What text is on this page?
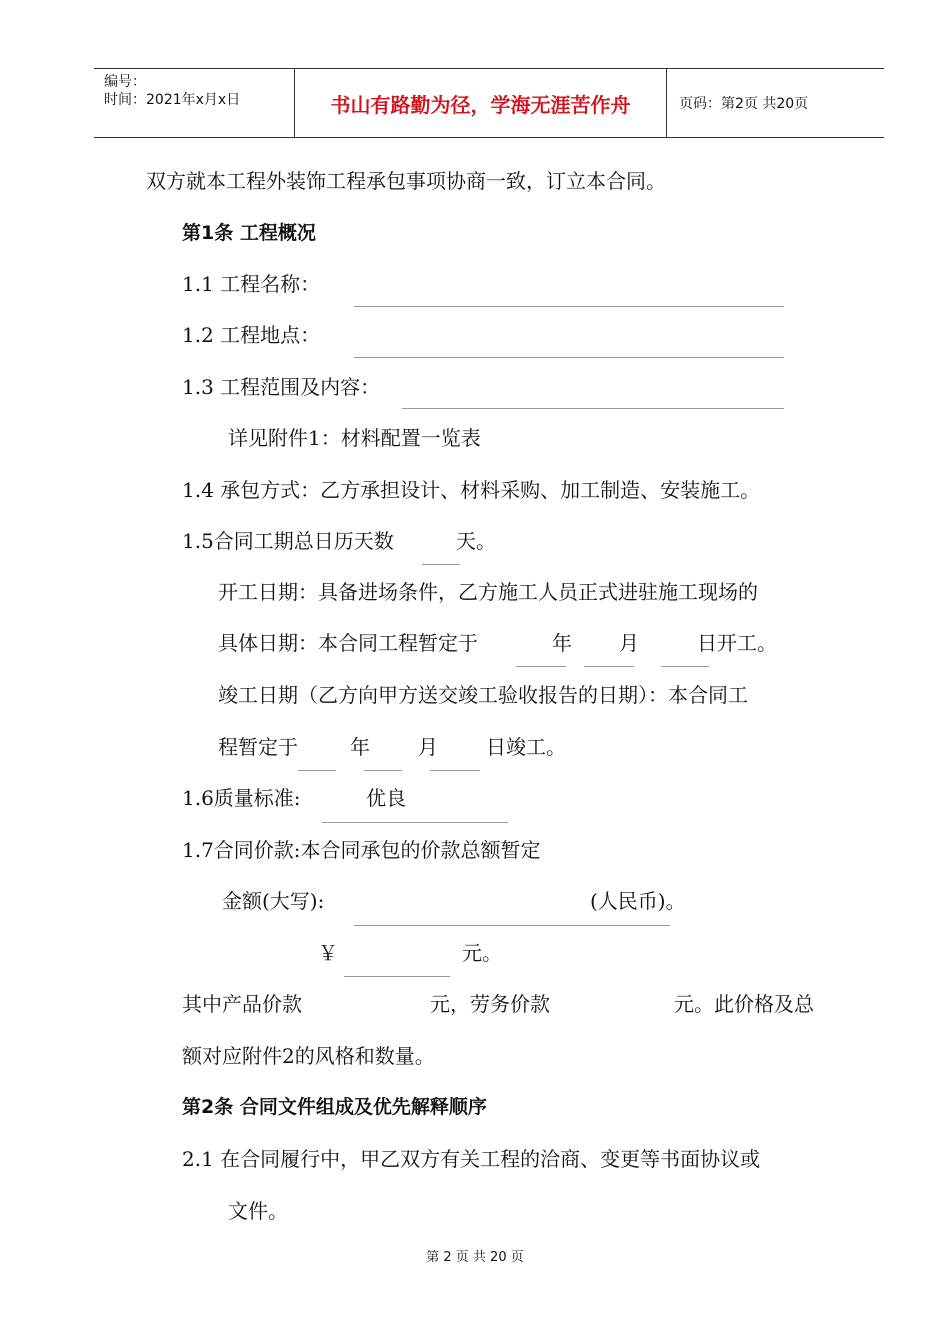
编号：
时间：2021年x月x日	书山有路勤为径，学海无涯苦作舟	页码：第2页 共20页
双方就本工程外装饰工程承包事项协商一致，订立本合同。
第1条 工程概况
1.1 工程名称：
1.2 工程地点：
1.3 工程范围及内容：
详见附件1：材料配置一览表
1.4 承包方式：乙方承担设计、材料采购、加工制造、安装施工。
1.5合同工期总日历天数	天。
开工日期：具备进场条件，乙方施工人员正式进驻施工现场的
具体日期：本合同工程暂定于	年 月	日开工。
竣工日期（乙方向甲方送交竣工验收报告的日期）：本合同工
程暂定于	年 月 日竣工。
1.6质量标准:	优良
1.7合同价款:本合同承包的价款总额暂定
金额(大写):	(人民币)。
￥	元。
其中产品价款	元，劳务价款	元。此价格及总
额对应附件2的风格和数量。
第2条 合同文件组成及优先解释顺序
2.1 在合同履行中，甲乙双方有关工程的洽商、变更等书面协议或
文件。
第 2 页 共 20 页
